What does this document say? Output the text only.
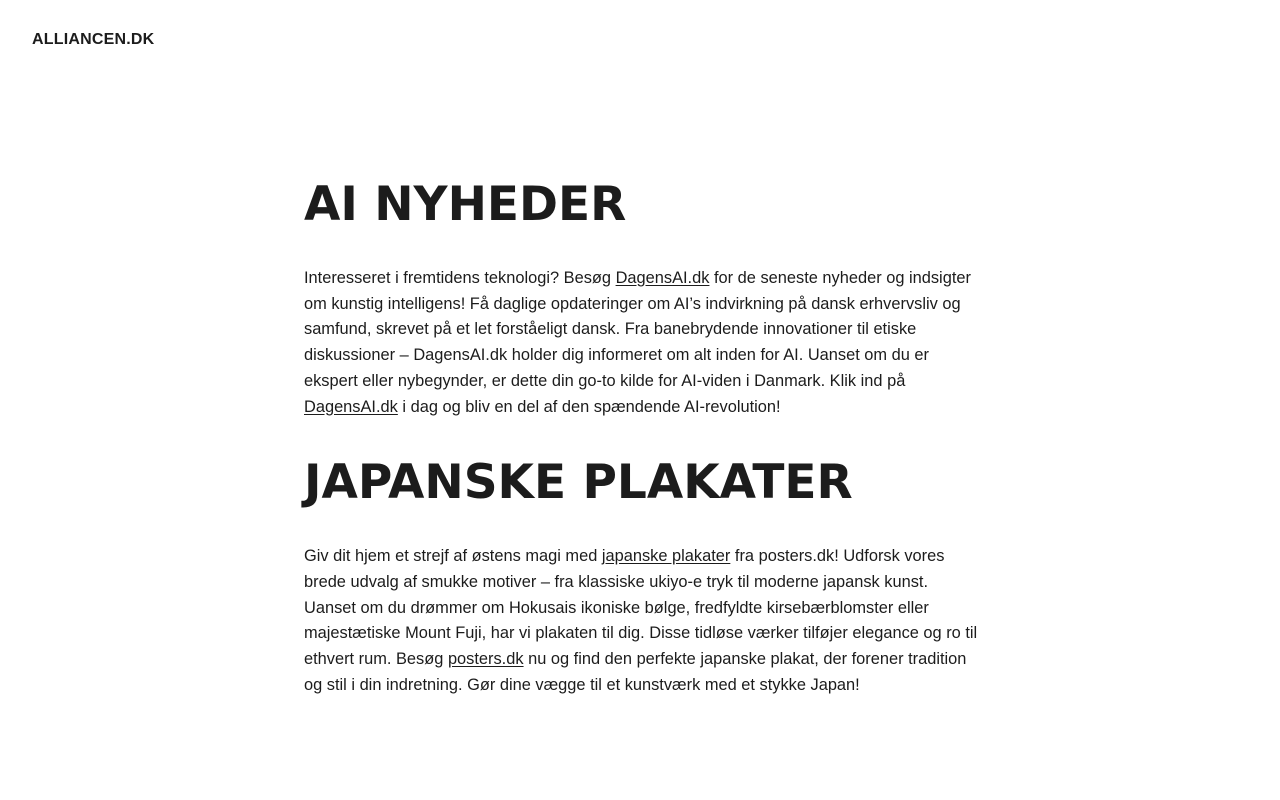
ALLIANCEN.DK
AI NYHEDER

Interesseret i fremtidens teknologi? Besøg DagensAI.dk for de seneste nyheder og indsigter om kunstig intelligens! Få daglige opdateringer om AI’s indvirkning på dansk erhvervsliv og samfund, skrevet på et let forståeligt dansk. Fra banebrydende innovationer til etiske diskussioner – DagensAI.dk holder dig informeret om alt inden for AI. Uanset om du er ekspert eller nybegynder, er dette din go-to kilde for AI-viden i Danmark. Klik ind på DagensAI.dk i dag og bliv en del af den spændende AI-revolution!

JAPANSKE PLAKATER

Giv dit hjem et strejf af østens magi med japanske plakater fra posters.dk! Udforsk vores brede udvalg af smukke motiver – fra klassiske ukiyo-e tryk til moderne japansk kunst. Uanset om du drømmer om Hokusais ikoniske bølge, fredfyldte kirsebærblomster eller majestætiske Mount Fuji, har vi plakaten til dig. Disse tidløse værker tilføjer elegance og ro til ethvert rum. Besøg posters.dk nu og find den perfekte japanske plakat, der forener tradition og stil i din indretning. Gør dine vægge til et kunstværk med et stykke Japan!
